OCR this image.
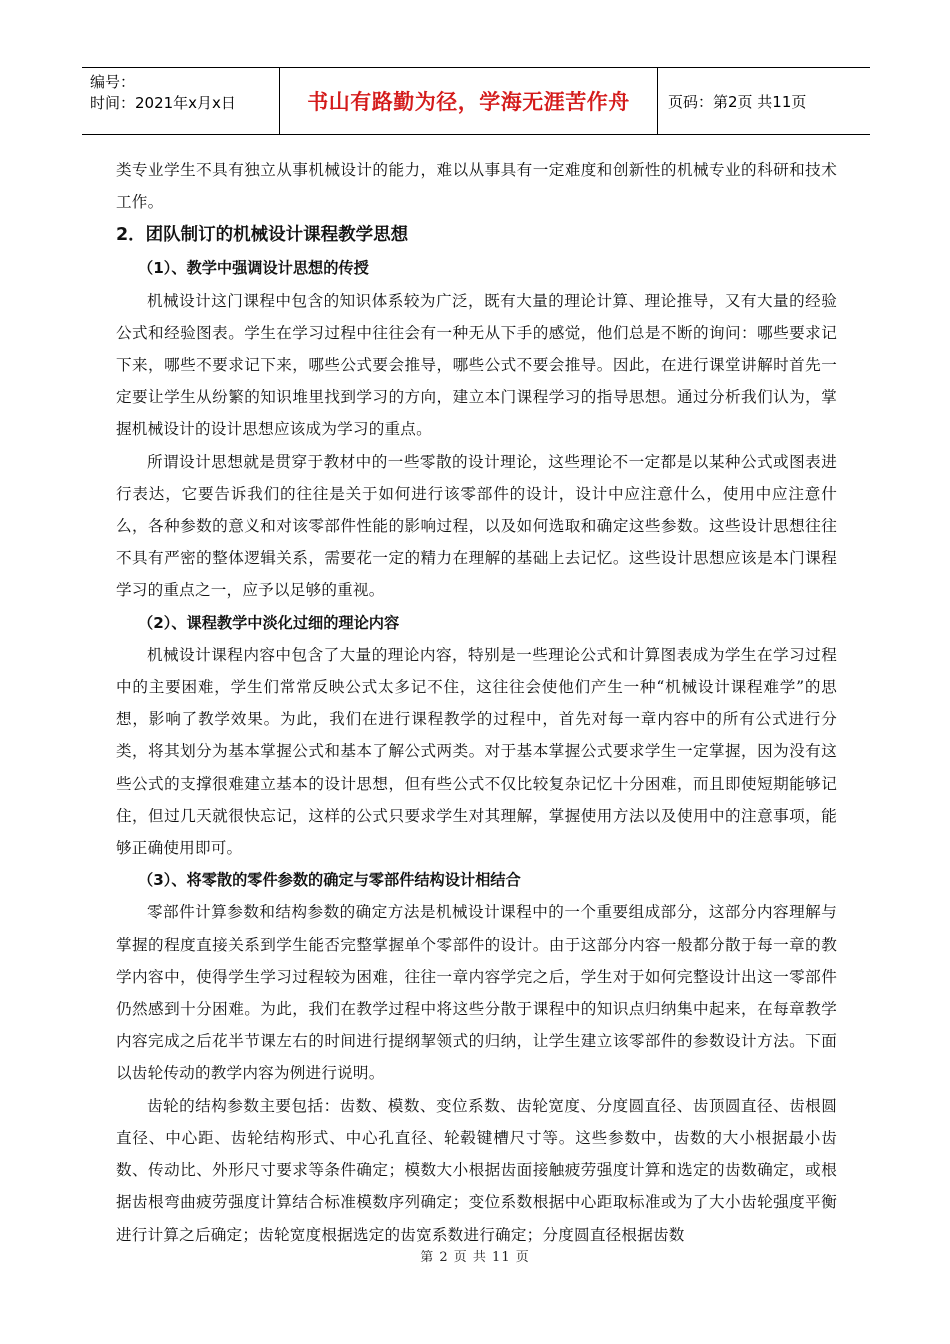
编号：
时间：2021年x月x日	书山有路勤为径，学海无涯苦作舟	页码：第2页 共11页

类专业学生不具有独立从事机械设计的能力，难以从事具有一定难度和创新性的机械专业的科研和技术工作。

2．团队制订的机械设计课程教学思想
（1）、教学中强调设计思想的传授

机械设计这门课程中包含的知识体系较为广泛，既有大量的理论计算、理论推导，又有大量的经验公式和经验图表。学生在学习过程中往往会有一种无从下手的感觉，他们总是不断的询问：哪些要求记下来，哪些不要求记下来，哪些公式要会推导，哪些公式不要会推导。因此，在进行课堂讲解时首先一定要让学生从纷繁的知识堆里找到学习的方向，建立本门课程学习的指导思想。通过分析我们认为，掌握机械设计的设计思想应该成为学习的重点。

所谓设计思想就是贯穿于教材中的一些零散的设计理论，这些理论不一定都是以某种公式或图表进行表达，它要告诉我们的往往是关于如何进行该零部件的设计，设计中应注意什么，使用中应注意什么，各种参数的意义和对该零部件性能的影响过程，以及如何选取和确定这些参数。这些设计思想往往不具有严密的整体逻辑关系，需要花一定的精力在理解的基础上去记忆。这些设计思想应该是本门课程学习的重点之一，应予以足够的重视。

（2）、课程教学中淡化过细的理论内容

机械设计课程内容中包含了大量的理论内容，特别是一些理论公式和计算图表成为学生在学习过程中的主要困难，学生们常常反映公式太多记不住，这往往会使他们产生一种“机械设计课程难学”的思想，影响了教学效果。为此，我们在进行课程教学的过程中，首先对每一章内容中的所有公式进行分类，将其划分为基本掌握公式和基本了解公式两类。对于基本掌握公式要求学生一定掌握，因为没有这些公式的支撑很难建立基本的设计思想，但有些公式不仅比较复杂记忆十分困难，而且即使短期能够记住，但过几天就很快忘记，这样的公式只要求学生对其理解，掌握使用方法以及使用中的注意事项，能够正确使用即可。

（3）、将零散的零件参数的确定与零部件结构设计相结合

零部件计算参数和结构参数的确定方法是机械设计课程中的一个重要组成部分，这部分内容理解与掌握的程度直接关系到学生能否完整掌握单个零部件的设计。由于这部分内容一般都分散于每一章的教学内容中，使得学生学习过程较为困难，往往一章内容学完之后，学生对于如何完整设计出这一零部件仍然感到十分困难。为此，我们在教学过程中将这些分散于课程中的知识点归纳集中起来，在每章教学内容完成之后花半节课左右的时间进行提纲挈领式的归纳，让学生建立该零部件的参数设计方法。下面以齿轮传动的教学内容为例进行说明。

齿轮的结构参数主要包括：齿数、模数、变位系数、齿轮宽度、分度圆直径、齿顶圆直径、齿根圆直径、中心距、齿轮结构形式、中心孔直径、轮毂键槽尺寸等。这些参数中，齿数的大小根据最小齿数、传动比、外形尺寸要求等条件确定；模数大小根据齿面接触疲劳强度计算和选定的齿数确定，或根据齿根弯曲疲劳强度计算结合标准模数序列确定；变位系数根据中心距取标准或为了大小齿轮强度平衡进行计算之后确定；齿轮宽度根据选定的齿宽系数进行确定；分度圆直径根据齿数

第 2 页 共 11 页
